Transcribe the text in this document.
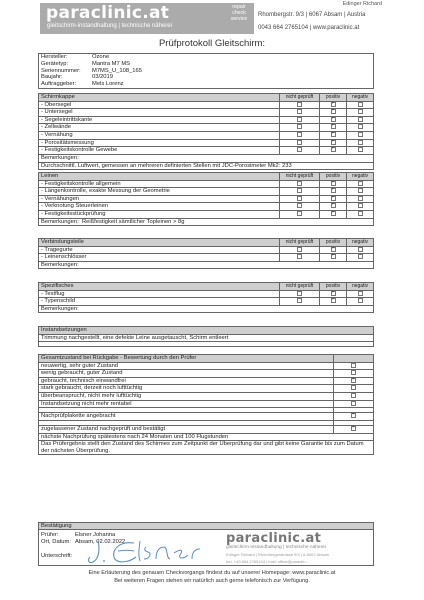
paraclinic.at
gleitschirm-instandhaltung | technische näherei
repair
check
service
Edinger Richard
Rhombergstr. 9/3 | 6067 Absam | Austria
0043 664 2765104 | www.paraclinic.at
Prüfprotokoll Gleitschirm:
Hersteller:	Ozone
Gerätetyp:	Mantra M7 MS
Seriennummer:	M7MS_U_108_165
Baujahr:	03/2019
Auftraggeber:	Mels Lorenz
Schirmkappe	nicht geprüft	positiv	negativ
- Obersegel		✓	
- Untersegel		✓	
- Segeleintrittskante		✓	
- Zellwände		✓	
- Vernähung		✓	
- Porositätsmessung		✓	
- Festigkeitskontrolle Gewebe		✓	
Bemerkungen:			
Durchschnittl. Luftwert, gemessen an mehreren definierten Stellen mit JDC-Porosimeter Mk2: 233			
Leinen	nicht geprüft	positiv	negativ
- Festigkeitskontrolle allgemein		✓	
- Längenkontrolle, exakte Messung der Geometrie		✓	
- Vernähungen		✓	
- Verknotung Steuerleinen		✓	
- Festigkeitsstückprüfung		✓	
Bemerkungen: Reißfestigkeit sämtlicher Topleinen > 8g			
Verbindungsteile	nicht geprüft	positiv	negativ
- Tragegurte		✓	
- Leinenschlösser		✓	
Bemerkungen:			
Spezifisches	nicht geprüft	positiv	negativ
- Testflug		✓	
- Typenschild		✓	
Bemerkungen:			
Instandsetzungen
Trimmung nachgestellt, eine defekte Leine ausgetauscht, Schirm entleert

Gesamtzustand bei Rückgabe - Bewertung durch den Prüfer	
neuwertig, sehr guter Zustand	
wenig gebraucht, guter Zustand	
gebraucht, technisch einwandfrei	✓
stark gebraucht, derzeit noch lufttüchtig	
überbeansprucht, nicht mehr lufttüchtig	
Instandsetzung nicht mehr rentabel	

Nachprüfplakette angebracht	✓

zugelassener Zustand nachgeprüft und bestätigt	✓
nächste Nachprüfung spätestens nach 24 Monaten und 100 Flugstunden	
Das Prüfergebnis stellt den Zustand des Schirmes zum Zeitpunkt der Überprüfung dar und gibt keine Garantie bis zum Datum der nächsten Überprüfung.	
Bestätigung
Prüfer:	Elsner Johanna
Ort, Datum: Absam, 02.02.2022
Unterschrift:
paraclinic.at
gleitschirm-instandhaltung | technische näherei
Edinger Richard | Rhombergerstrasse 9/3 | A-6067 Absam
fon: +43 664 2765104 | mail: office@paraclin...
Eine Erläuterung des genauen Checkvorgangs findest du auf unserer Homepage: www.paraclinic.at
Bei weiteren Fragen stehen wir natürlich auch gerne telefonisch zur Verfügung.
